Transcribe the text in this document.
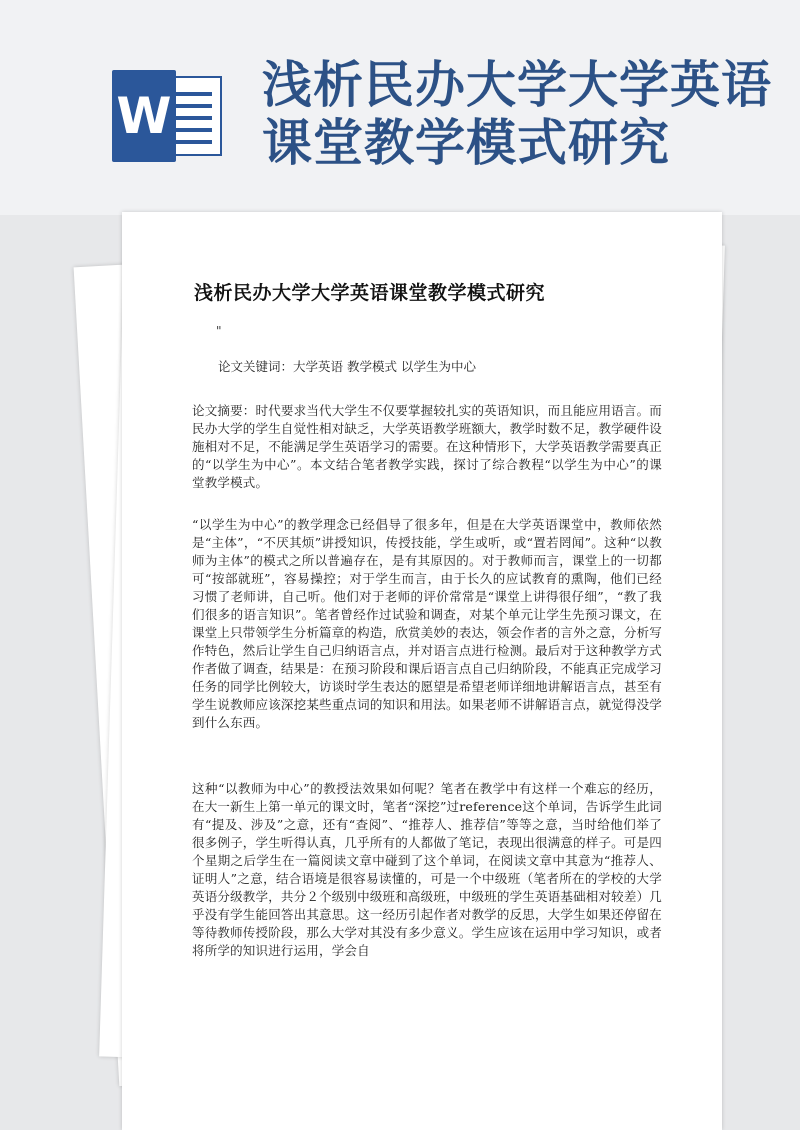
W
浅析民办大学大学英语课堂教学模式研究
浅析民办大学大学英语课堂教学模式研究
"
论文关键词：大学英语 教学模式 以学生为中心
论文摘要：时代要求当代大学生不仅要掌握较扎实的英语知识，而且能应用语言。而民办大学的学生自觉性相对缺乏，大学英语教学班额大，教学时数不足，教学硬件设施相对不足，不能满足学生英语学习的需要。在这种情形下，大学英语教学需要真正的“以学生为中心”。本文结合笔者教学实践，探讨了综合教程“以学生为中心”的课堂教学模式。
“以学生为中心”的教学理念已经倡导了很多年，但是在大学英语课堂中，教师依然是“主体”，“不厌其烦”讲授知识，传授技能，学生或听，或“置若罔闻”。这种“以教师为主体”的模式之所以普遍存在，是有其原因的。对于教师而言，课堂上的一切都可“按部就班”，容易操控；对于学生而言，由于长久的应试教育的熏陶，他们已经习惯了老师讲，自己听。他们对于老师的评价常常是“课堂上讲得很仔细”，“教了我们很多的语言知识”。笔者曾经作过试验和调查，对某个单元让学生先预习课文，在课堂上只带领学生分析篇章的构造，欣赏美妙的表达，领会作者的言外之意，分析写作特色，然后让学生自己归纳语言点，并对语言点进行检测。最后对于这种教学方式作者做了调查，结果是：在预习阶段和课后语言点自己归纳阶段，不能真正完成学习任务的同学比例较大，访谈时学生表达的愿望是希望老师详细地讲解语言点，甚至有学生说教师应该深挖某些重点词的知识和用法。如果老师不讲解语言点，就觉得没学到什么东西。
这种“以教师为中心”的教授法效果如何呢？笔者在教学中有这样一个难忘的经历，在大一新生上第一单元的课文时，笔者“深挖”过reference这个单词，告诉学生此词有“提及、涉及”之意，还有“查阅”、“推荐人、推荐信”等等之意，当时给他们举了很多例子，学生听得认真，几乎所有的人都做了笔记，表现出很满意的样子。可是四个星期之后学生在一篇阅读文章中碰到了这个单词，在阅读文章中其意为“推荐人、证明人”之意，结合语境是很容易读懂的，可是一个中级班（笔者所在的学校的大学英语分级教学，共分２个级别中级班和高级班，中级班的学生英语基础相对较差）几乎没有学生能回答出其意思。这一经历引起作者对教学的反思，大学生如果还停留在等待教师传授阶段，那么大学对其没有多少意义。学生应该在运用中学习知识，或者将所学的知识进行运用，学会自
